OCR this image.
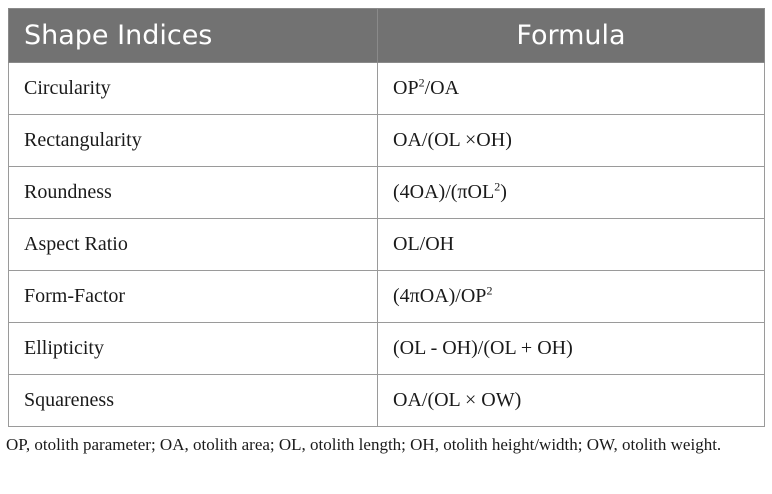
Shape Indices	Formula
Circularity	$OP^2/OA$
Rectangularity	OA/(OL ×OH)
Roundness	(4OA)/(πOL$^2$)
Aspect Ratio	OL/OH
Form-Factor	$(4\pi OA)/OP^2$
Ellipticity	(OL - OH)/(OL + OH)
Squareness	OA/(OL × OW)
OP, otolith parameter; OA, otolith area; OL, otolith length; OH, otolith height/width; OW, otolith weight.
